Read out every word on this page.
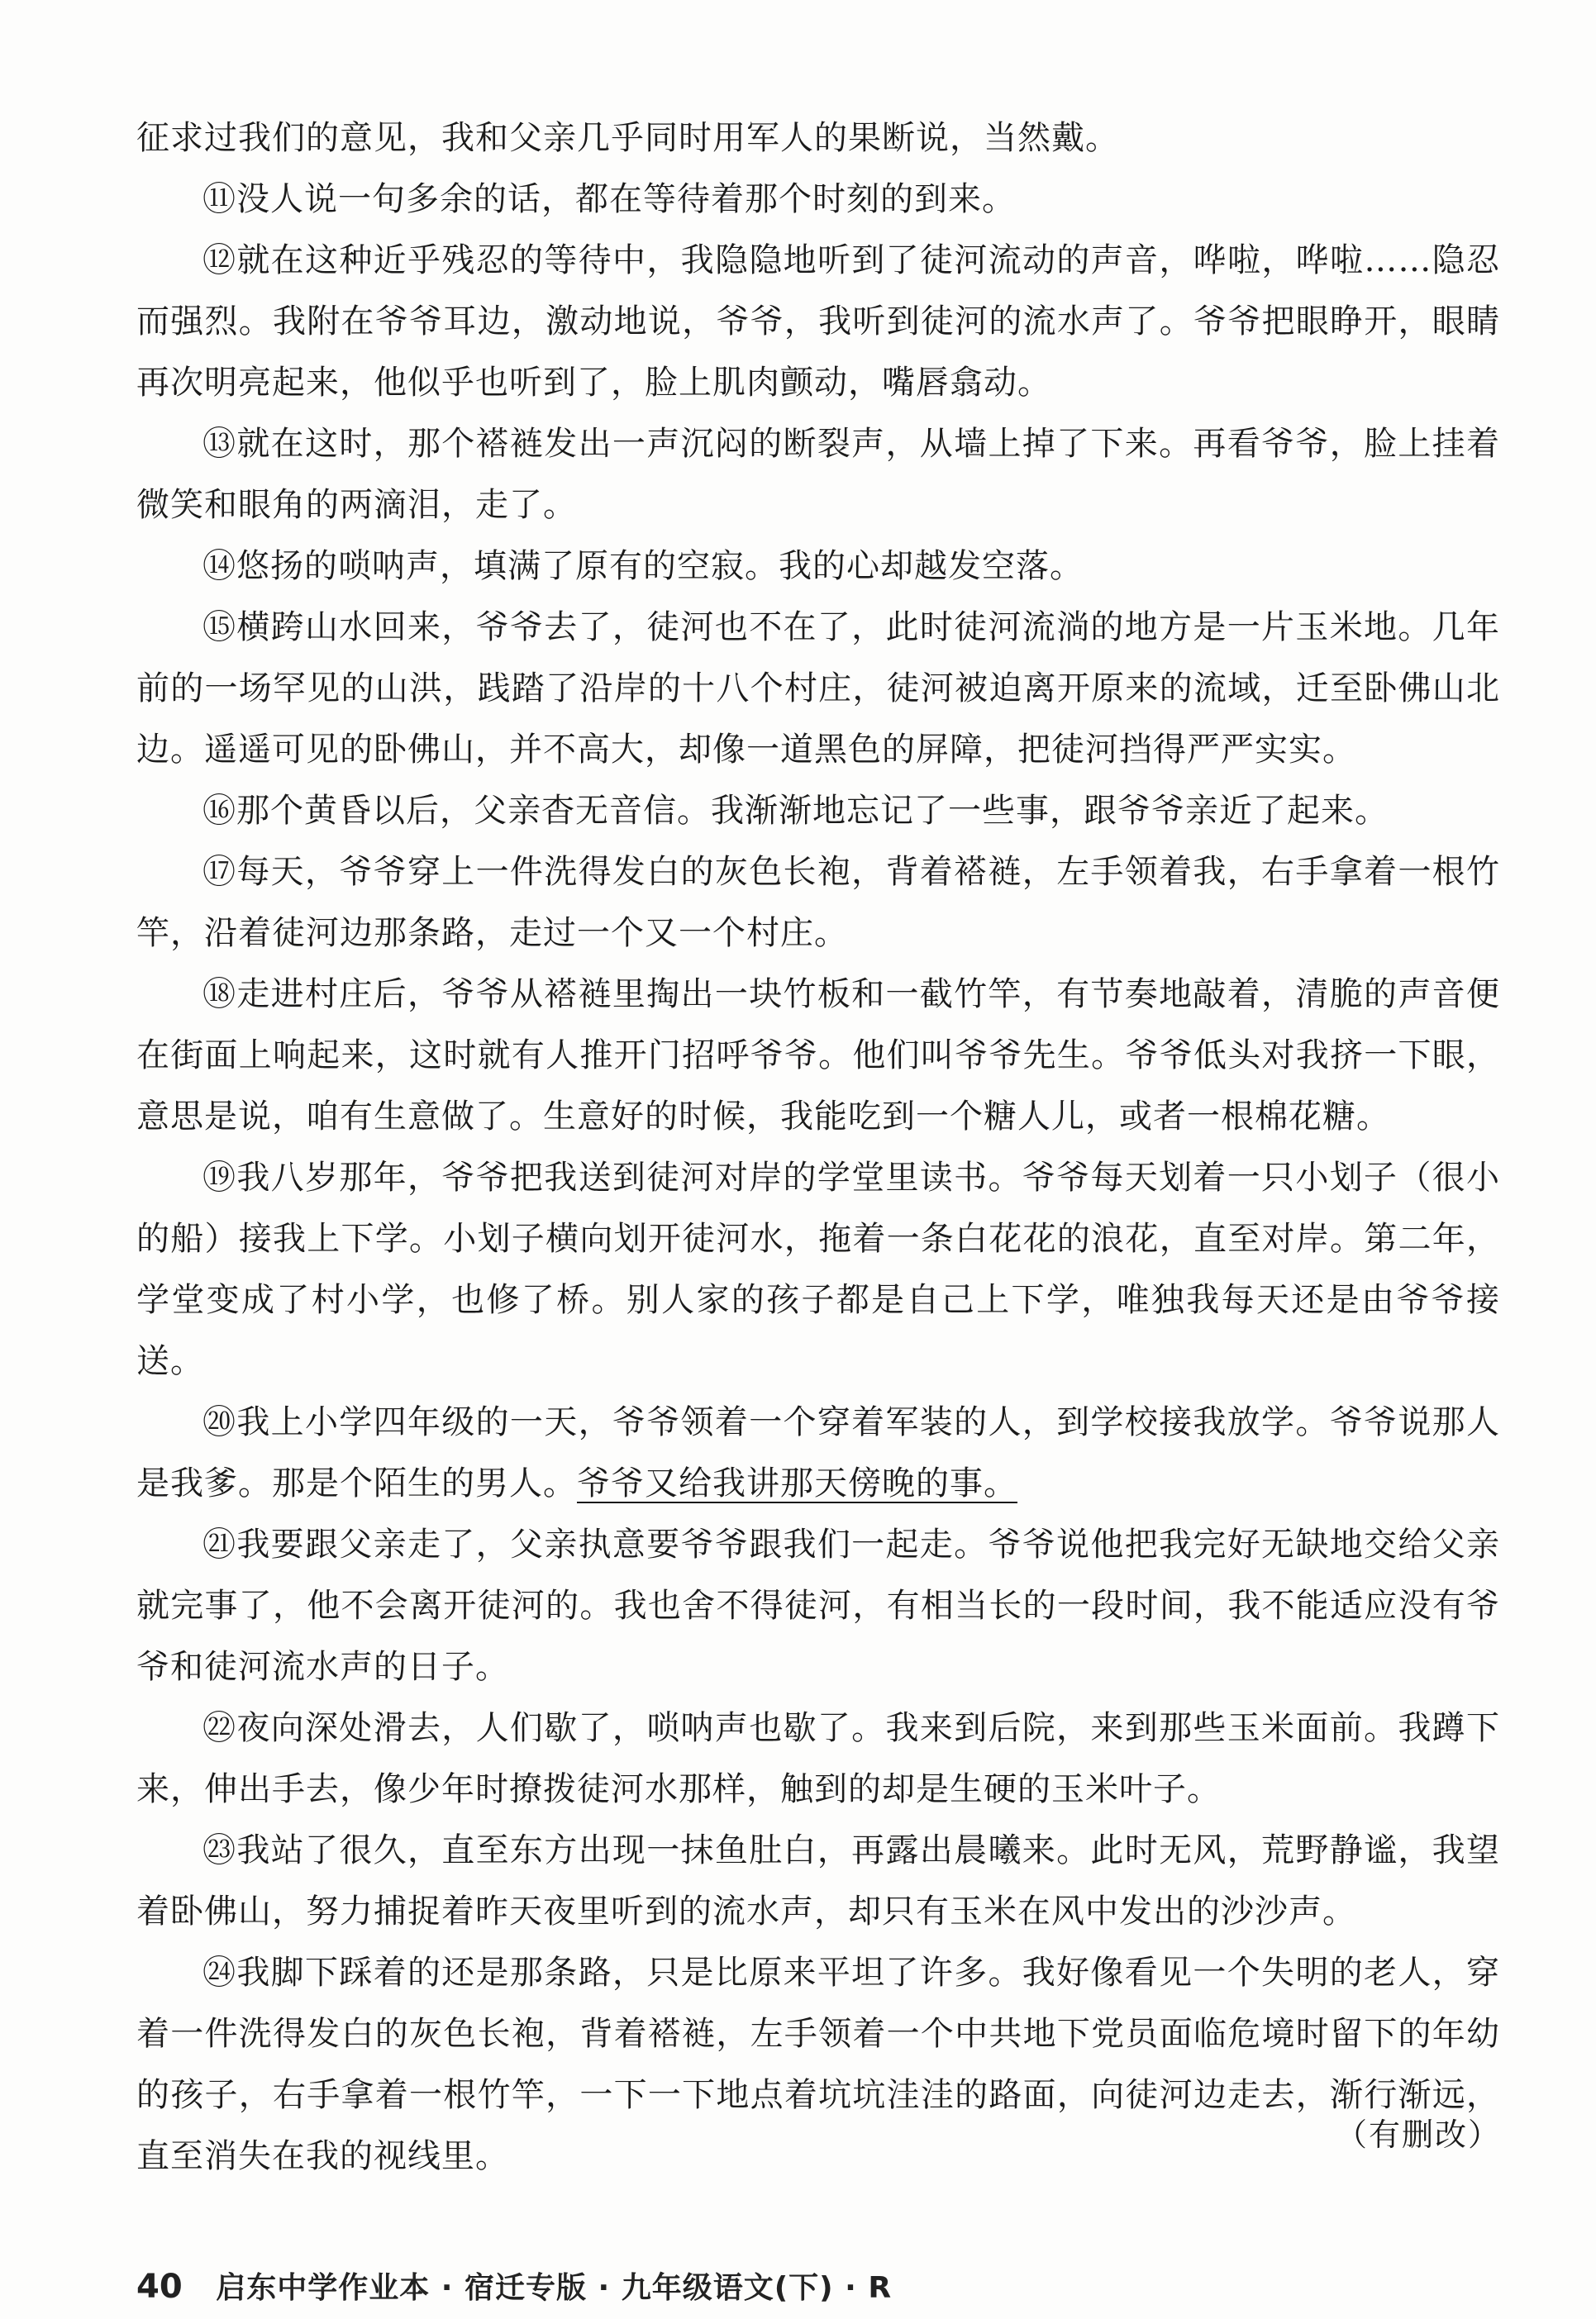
征求过我们的意见，我和父亲几乎同时用军人的果断说，当然戴。

⑪没人说一句多余的话，都在等待着那个时刻的到来。

⑫就在这种近乎残忍的等待中，我隐隐地听到了徒河流动的声音，哗啦，哗啦……隐忍而强烈。我附在爷爷耳边，激动地说，爷爷，我听到徒河的流水声了。爷爷把眼睁开，眼睛再次明亮起来，他似乎也听到了，脸上肌肉颤动，嘴唇翕动。

⑬就在这时，那个褡裢发出一声沉闷的断裂声，从墙上掉了下来。再看爷爷，脸上挂着微笑和眼角的两滴泪，走了。

⑭悠扬的唢呐声，填满了原有的空寂。我的心却越发空落。

⑮横跨山水回来，爷爷去了，徒河也不在了，此时徒河流淌的地方是一片玉米地。几年前的一场罕见的山洪，践踏了沿岸的十八个村庄，徒河被迫离开原来的流域，迁至卧佛山北边。遥遥可见的卧佛山，并不高大，却像一道黑色的屏障，把徒河挡得严严实实。

⑯那个黄昏以后，父亲杳无音信。我渐渐地忘记了一些事，跟爷爷亲近了起来。

⑰每天，爷爷穿上一件洗得发白的灰色长袍，背着褡裢，左手领着我，右手拿着一根竹竿，沿着徒河边那条路，走过一个又一个村庄。

⑱走进村庄后，爷爷从褡裢里掏出一块竹板和一截竹竿，有节奏地敲着，清脆的声音便在街面上响起来，这时就有人推开门招呼爷爷。他们叫爷爷先生。爷爷低头对我挤一下眼，意思是说，咱有生意做了。生意好的时候，我能吃到一个糖人儿，或者一根棉花糖。

⑲我八岁那年，爷爷把我送到徒河对岸的学堂里读书。爷爷每天划着一只小划子（很小的船）接我上下学。小划子横向划开徒河水，拖着一条白花花的浪花，直至对岸。第二年，学堂变成了村小学，也修了桥。别人家的孩子都是自己上下学，唯独我每天还是由爷爷接送。

⑳我上小学四年级的一天，爷爷领着一个穿着军装的人，到学校接我放学。爷爷说那人是我爹。那是个陌生的男人。爷爷又给我讲那天傍晚的事。

㉑我要跟父亲走了，父亲执意要爷爷跟我们一起走。爷爷说他把我完好无缺地交给父亲就完事了，他不会离开徒河的。我也舍不得徒河，有相当长的一段时间，我不能适应没有爷爷和徒河流水声的日子。

㉒夜向深处滑去，人们歇了，唢呐声也歇了。我来到后院，来到那些玉米面前。我蹲下来，伸出手去，像少年时撩拨徒河水那样，触到的却是生硬的玉米叶子。

㉓我站了很久，直至东方出现一抹鱼肚白，再露出晨曦来。此时无风，荒野静谧，我望着卧佛山，努力捕捉着昨天夜里听到的流水声，却只有玉米在风中发出的沙沙声。

㉔我脚下踩着的还是那条路，只是比原来平坦了许多。我好像看见一个失明的老人，穿着一件洗得发白的灰色长袍，背着褡裢，左手领着一个中共地下党员面临危境时留下的年幼的孩子，右手拿着一根竹竿，一下一下地点着坑坑洼洼的路面，向徒河边走去，渐行渐远，直至消失在我的视线里。

（有删改）
40 启东中学作业本 · 宿迁专版 · 九年级语文(下) · R
